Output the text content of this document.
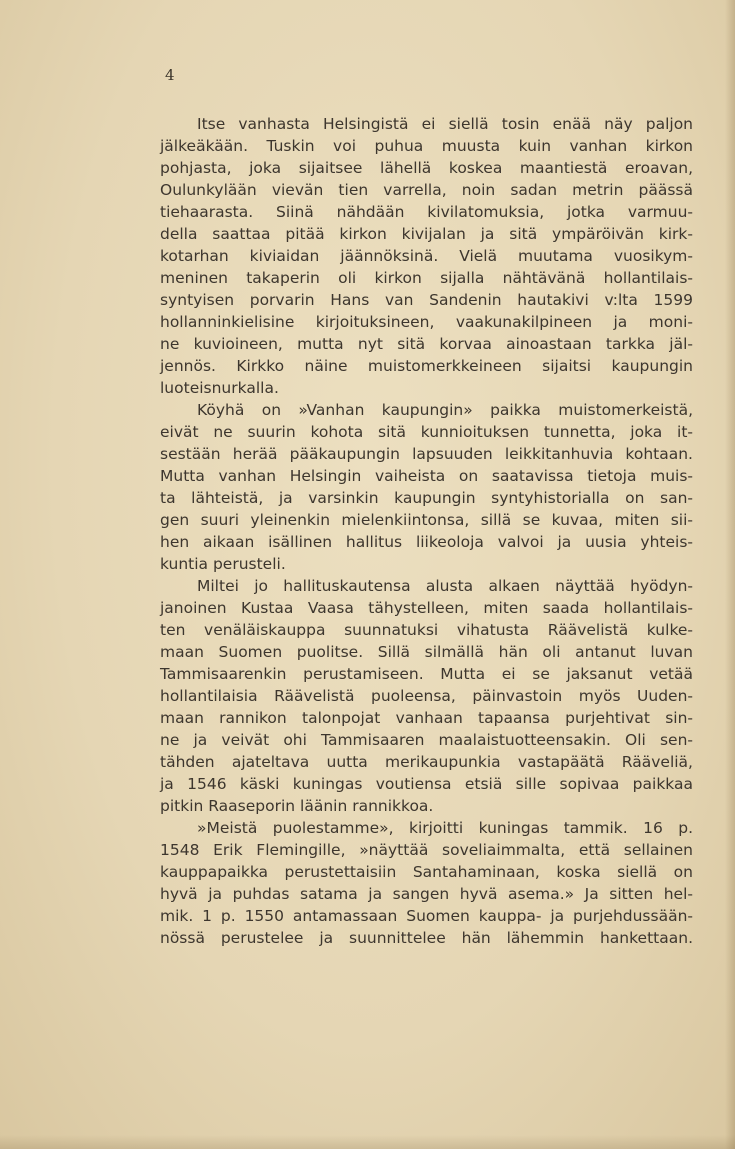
4
Itse vanhasta Helsingistä ei siellä tosin enää näy paljon
jälkeäkään. Tuskin voi puhua muusta kuin vanhan kirkon
pohjasta, joka sijaitsee lähellä koskea maantiestä eroavan,
Oulunkylään vievän tien varrella, noin sadan metrin päässä
tiehaarasta. Siinä nähdään kivilatomuksia, jotka varmuu-
della saattaa pitää kirkon kivijalan ja sitä ympäröivän kirk-
kotarhan kiviaidan jäännöksinä. Vielä muutama vuosikym-
meninen takaperin oli kirkon sijalla nähtävänä hollantilais-
syntyisen porvarin Hans van Sandenin hautakivi v:lta 1599
hollanninkielisine kirjoituksineen, vaakunakilpineen ja moni-
ne kuvioineen, mutta nyt sitä korvaa ainoastaan tarkka jäl-
jennös. Kirkko näine muistomerkkeineen sijaitsi kaupungin
luoteisnurkalla.
Köyhä on »Vanhan kaupungin» paikka muistomerkeistä,
eivät ne suurin kohota sitä kunnioituksen tunnetta, joka it-
sestään herää pääkaupungin lapsuuden leikkitanhuvia kohtaan.
Mutta vanhan Helsingin vaiheista on saatavissa tietoja muis-
ta lähteistä, ja varsinkin kaupungin syntyhistorialla on san-
gen suuri yleinenkin mielenkiintonsa, sillä se kuvaa, miten sii-
hen aikaan isällinen hallitus liikeoloja valvoi ja uusia yhteis-
kuntia perusteli.
Miltei jo hallituskautensa alusta alkaen näyttää hyödyn-
janoinen Kustaa Vaasa tähystelleen, miten saada hollantilais-
ten venäläiskauppa suunnatuksi vihatusta Räävelistä kulke-
maan Suomen puolitse. Sillä silmällä hän oli antanut luvan
Tammisaarenkin perustamiseen. Mutta ei se jaksanut vetää
hollantilaisia Räävelistä puoleensa, päinvastoin myös Uuden-
maan rannikon talonpojat vanhaan tapaansa purjehtivat sin-
ne ja veivät ohi Tammisaaren maalaistuotteensakin. Oli sen-
tähden ajateltava uutta merikaupunkia vastapäätä Rääveliä,
ja 1546 käski kuningas voutiensa etsiä sille sopivaa paikkaa
pitkin Raaseporin läänin rannikkoa.
»Meistä puolestamme», kirjoitti kuningas tammik. 16 p.
1548 Erik Flemingille, »näyttää soveliaimmalta, että sellainen
kauppapaikka perustettaisiin Santahaminaan, koska siellä on
hyvä ja puhdas satama ja sangen hyvä asema.» Ja sitten hel-
mik. 1 p. 1550 antamassaan Suomen kauppa- ja purjehdussään-
nössä perustelee ja suunnittelee hän lähemmin hankettaan.
